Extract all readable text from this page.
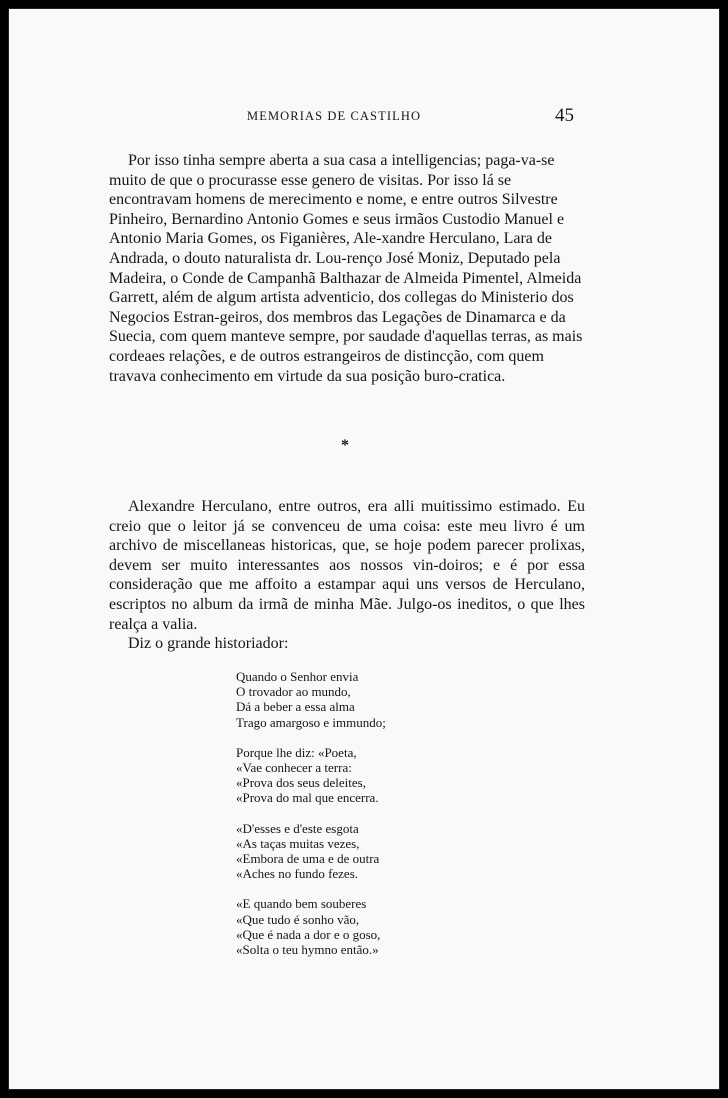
MEMORIAS DE CASTILHO	45

Por isso tinha sempre aberta a sua casa a intelligencias; paga-va-se muito de que o procurasse esse genero de visitas. Por isso lá se encontravam homens de merecimento e nome, e entre outros Silvestre Pinheiro, Bernardino Antonio Gomes e seus irmãos Custodio Manuel e Antonio Maria Gomes, os Figanières, Ale-xandre Herculano, Lara de Andrada, o douto naturalista dr. Lou-renço José Moniz, Deputado pela Madeira, o Conde de Campanhã Balthazar de Almeida Pimentel, Almeida Garrett, além de algum artista adventicio, dos collegas do Ministerio dos Negocios Estran-geiros, dos membros das Legações de Dinamarca e da Suecia, com quem manteve sempre, por saudade d'aquellas terras, as mais cordeaes relações, e de outros estrangeiros de distincção, com quem travava conhecimento em virtude da sua posição buro-cratica.

*

Alexandre Herculano, entre outros, era alli muitissimo estimado. Eu creio que o leitor já se convenceu de uma coisa: este meu livro é um archivo de miscellaneas historicas, que, se hoje podem parecer prolixas, devem ser muito interessantes aos nossos vin-doiros; e é por essa consideração que me affoito a estampar aqui uns versos de Herculano, escriptos no album da irmã de minha Mãe. Julgo-os ineditos, o que lhes realça a valia.

Diz o grande historiador:

Quando o Senhor envia
O trovador ao mundo,
Dá a beber a essa alma
Trago amargoso e immundo;
Porque lhe diz: «Poeta,
«Vae conhecer a terra:
«Prova dos seus deleites,
«Prova do mal que encerra.
«D'esses e d'este esgota
«As taças muitas vezes,
«Embora de uma e de outra
«Aches no fundo fezes.
«E quando bem souberes
«Que tudo é sonho vão,
«Que é nada a dor e o goso,
«Solta o teu hymno então.»
